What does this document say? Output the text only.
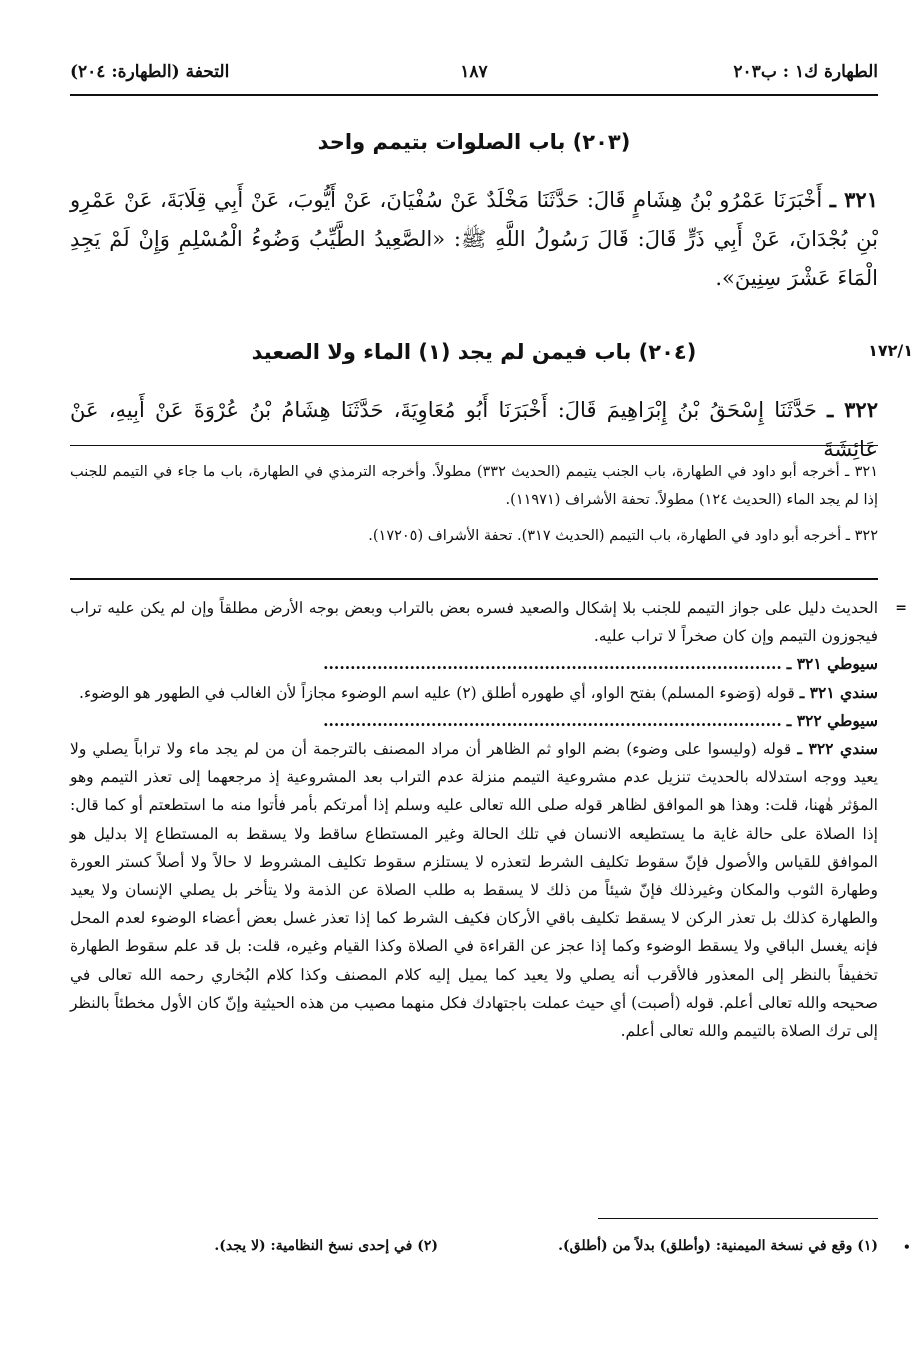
الطهارة ك١ : ب٢٠٣
١٨٧
التحفة (الطهارة: ٢٠٤)
(٢٠٣) باب الصلوات بتيمم واحد
٣٢١ ـ أَخْبَرَنَا عَمْرُو بْنُ هِشَامٍ قَالَ: حَدَّثَنَا مَخْلَدٌ عَنْ سُفْيَانَ، عَنْ أَيُّوبَ، عَنْ أَبِي قِلَابَةَ، عَنْ عَمْرِو بْنِ بُجْدَانَ، عَنْ أَبِي ذَرٍّ قَالَ: قَالَ رَسُولُ اللَّهِ ﷺ: «الصَّعِيدُ الطَّيِّبُ وَضُوءُ الْمُسْلِمِ وَإِنْ لَمْ يَجِدِ الْمَاءَ عَشْرَ سِنِينَ».
(٢٠٤) باب فيمن لم يجد (١) الماء ولا الصعيد
٣٢٢ ـ حَدَّثَنَا إِسْحَقُ بْنُ إِبْرَاهِيمَ قَالَ: أَخْبَرَنَا أَبُو مُعَاوِيَةَ، حَدَّثَنَا هِشَامُ بْنُ عُرْوَةَ عَنْ أَبِيهِ، عَنْ عَائِشَةَ
٣٢١ ـ أخرجه أبو داود في الطهارة، باب الجنب يتيمم (الحديث ٣٣٢) مطولاً. وأخرجه الترمذي في الطهارة، باب ما جاء في التيمم للجنب إذا لم يجد الماء (الحديث ١٢٤) مطولاً. تحفة الأشراف (١١٩٧١).
٣٢٢ ـ أخرجه أبو داود في الطهارة، باب التيمم (الحديث ٣١٧). تحفة الأشراف (١٧٢٠٥).

الحديث دليل على جواز التيمم للجنب بلا إشكال والصعيد فسره بعض بالتراب وبعض بوجه الأرض مطلقاً وإن لم يكن عليه تراب فيجوزون التيمم وإن كان صخراً لا تراب عليه.

سيوطي ٣٢١ ـ .....................................................................................

سندي ٣٢١ ـ قوله (وَضوء المسلم) بفتح الواو، أي طهوره أطلق (٢) عليه اسم الوضوء مجازاً لأن الغالب في الطهور هو الوضوء.

سيوطي ٣٢٢ ـ .....................................................................................

سندي ٣٢٢ ـ قوله (وليسوا على وضوء) بضم الواو ثم الظاهر أن مراد المصنف بالترجمة أن من لم يجد ماء ولا تراباً يصلي ولا يعيد ووجه استدلاله بالحديث تنزيل عدم مشروعية التيمم منزلة عدم التراب بعد المشروعية إذ مرجعهما إلى تعذر التيمم وهو المؤثر هٰهنا، قلت: وهذا هو الموافق لظاهر قوله صلى الله تعالى عليه وسلم إذا أمرتكم بأمر فأتوا منه ما استطعتم أو كما قال: إذا الصلاة على حالة غاية ما يستطيعه الانسان في تلك الحالة وغير المستطاع ساقط ولا يسقط به المستطاع إلا بدليل هو الموافق للقياس والأصول فإنّ سقوط تكليف الشرط لتعذره لا يستلزم سقوط تكليف المشروط لا حالاً ولا أصلاً كستر العورة وطهارة الثوب والمكان وغيرذلك فإنّ شيئاً من ذلك لا يسقط به طلب الصلاة عن الذمة ولا يتأخر بل يصلي الإنسان ولا يعيد والطهارة كذلك بل تعذر الركن لا يسقط تكليف باقي الأركان فكيف الشرط كما إذا تعذر غسل بعض أعضاء الوضوء لعدم المحل فإنه يغسل الباقي ولا يسقط الوضوء وكما إذا عجز عن القراءة في الصلاة وكذا القيام وغيره، قلت: بل قد علم سقوط الطهارة تخفيفاً بالنظر إلى المعذور فالأقرب أنه يصلي ولا يعيد كما يميل إليه كلام المصنف وكذا كلام البُخاري رحمه الله تعالى في صحيحه والله تعالى أعلم. قوله (أصبت) أي حيث عملت باجتهادك فكل منهما مصيب من هذه الحيثية وإنّ كان الأول مخطئاً بالنظر إلى ترك الصلاة بالتيمم والله تعالى أعلم.

(١) وقع في نسخة الميمنية: (وأطلق) بدلاً من (أطلق).
(٢) في إحدى نسخ النظامية: (لا يجد).
١٧٢/١
=
•
